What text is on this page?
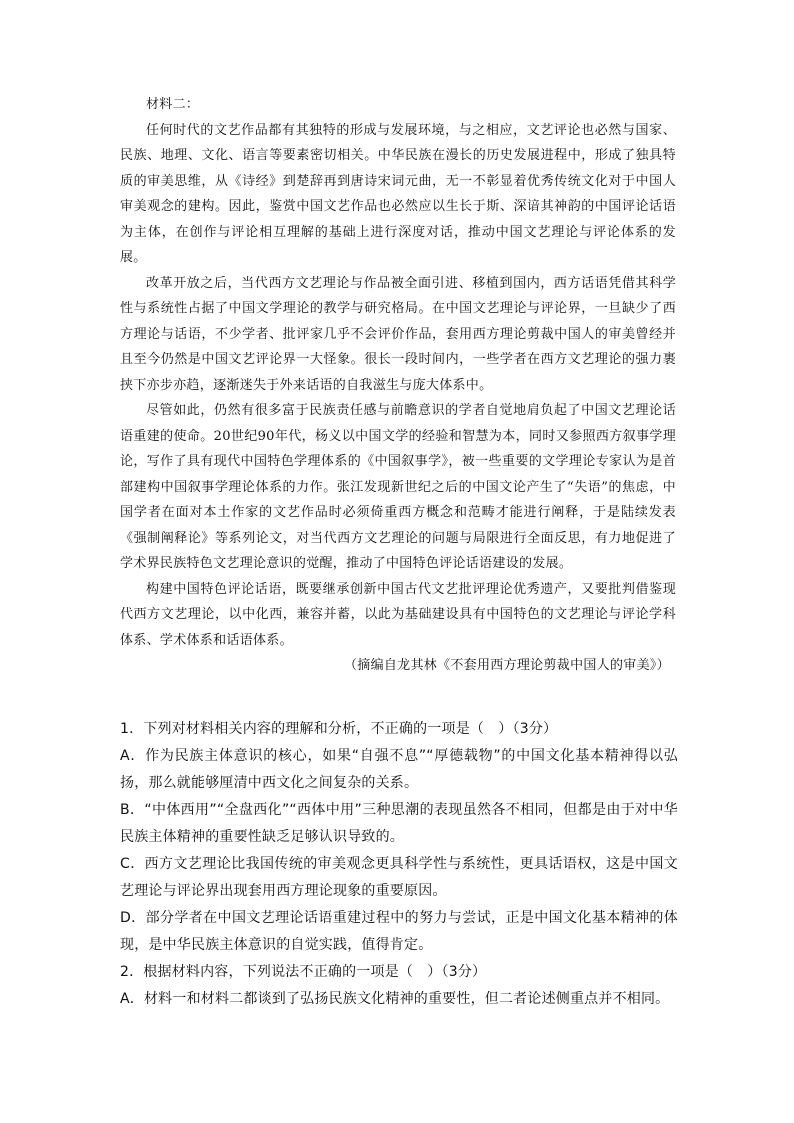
材料二：

任何时代的文艺作品都有其独特的形成与发展环境，与之相应，文艺评论也必然与国家、民族、地理、文化、语言等要素密切相关。中华民族在漫长的历史发展进程中，形成了独具特质的审美思维，从《诗经》到楚辞再到唐诗宋词元曲，无一不彰显着优秀传统文化对于中国人审美观念的建构。因此，鉴赏中国文艺作品也必然应以生长于斯、深谙其神韵的中国评论话语为主体，在创作与评论相互理解的基础上进行深度对话，推动中国文艺理论与评论体系的发展。

改革开放之后，当代西方文艺理论与作品被全面引进、移植到国内，西方话语凭借其科学性与系统性占据了中国文学理论的教学与研究格局。在中国文艺理论与评论界，一旦缺少了西方理论与话语，不少学者、批评家几乎不会评价作品，套用西方理论剪裁中国人的审美曾经并且至今仍然是中国文艺评论界一大怪象。很长一段时间内，一些学者在西方文艺理论的强力裹挟下亦步亦趋，逐渐迷失于外来话语的自我滋生与庞大体系中。

尽管如此，仍然有很多富于民族责任感与前瞻意识的学者自觉地肩负起了中国文艺理论话语重建的使命。20世纪90年代，杨义以中国文学的经验和智慧为本，同时又参照西方叙事学理论，写作了具有现代中国特色学理体系的《中国叙事学》，被一些重要的文学理论专家认为是首部建构中国叙事学理论体系的力作。张江发现新世纪之后的中国文论产生了“失语”的焦虑，中国学者在面对本土作家的文艺作品时必须倚重西方概念和范畴才能进行阐释，于是陆续发表《强制阐释论》等系列论文，对当代西方文艺理论的问题与局限进行全面反思，有力地促进了学术界民族特色文艺理论意识的觉醒，推动了中国特色评论话语建设的发展。

构建中国特色评论话语，既要继承创新中国古代文艺批评理论优秀遗产，又要批判借鉴现代西方文艺理论，以中化西，兼容并蓄，以此为基础建设具有中国特色的文艺理论与评论学科体系、学术体系和话语体系。

（摘编自龙其林《不套用西方理论剪裁中国人的审美》）

1．下列对材料相关内容的理解和分析，不正确的一项是（　）（3分）

A．作为民族主体意识的核心，如果“自强不息”“厚德载物”的中国文化基本精神得以弘扬，那么就能够厘清中西文化之间复杂的关系。

B．“中体西用”“全盘西化”“西体中用”三种思潮的表现虽然各不相同，但都是由于对中华民族主体精神的重要性缺乏足够认识导致的。

C．西方文艺理论比我国传统的审美观念更具科学性与系统性，更具话语权，这是中国文艺理论与评论界出现套用西方理论现象的重要原因。

D．部分学者在中国文艺理论话语重建过程中的努力与尝试，正是中国文化基本精神的体现，是中华民族主体意识的自觉实践，值得肯定。

2．根据材料内容，下列说法不正确的一项是（　）（3分）

A．材料一和材料二都谈到了弘扬民族文化精神的重要性，但二者论述侧重点并不相同。
